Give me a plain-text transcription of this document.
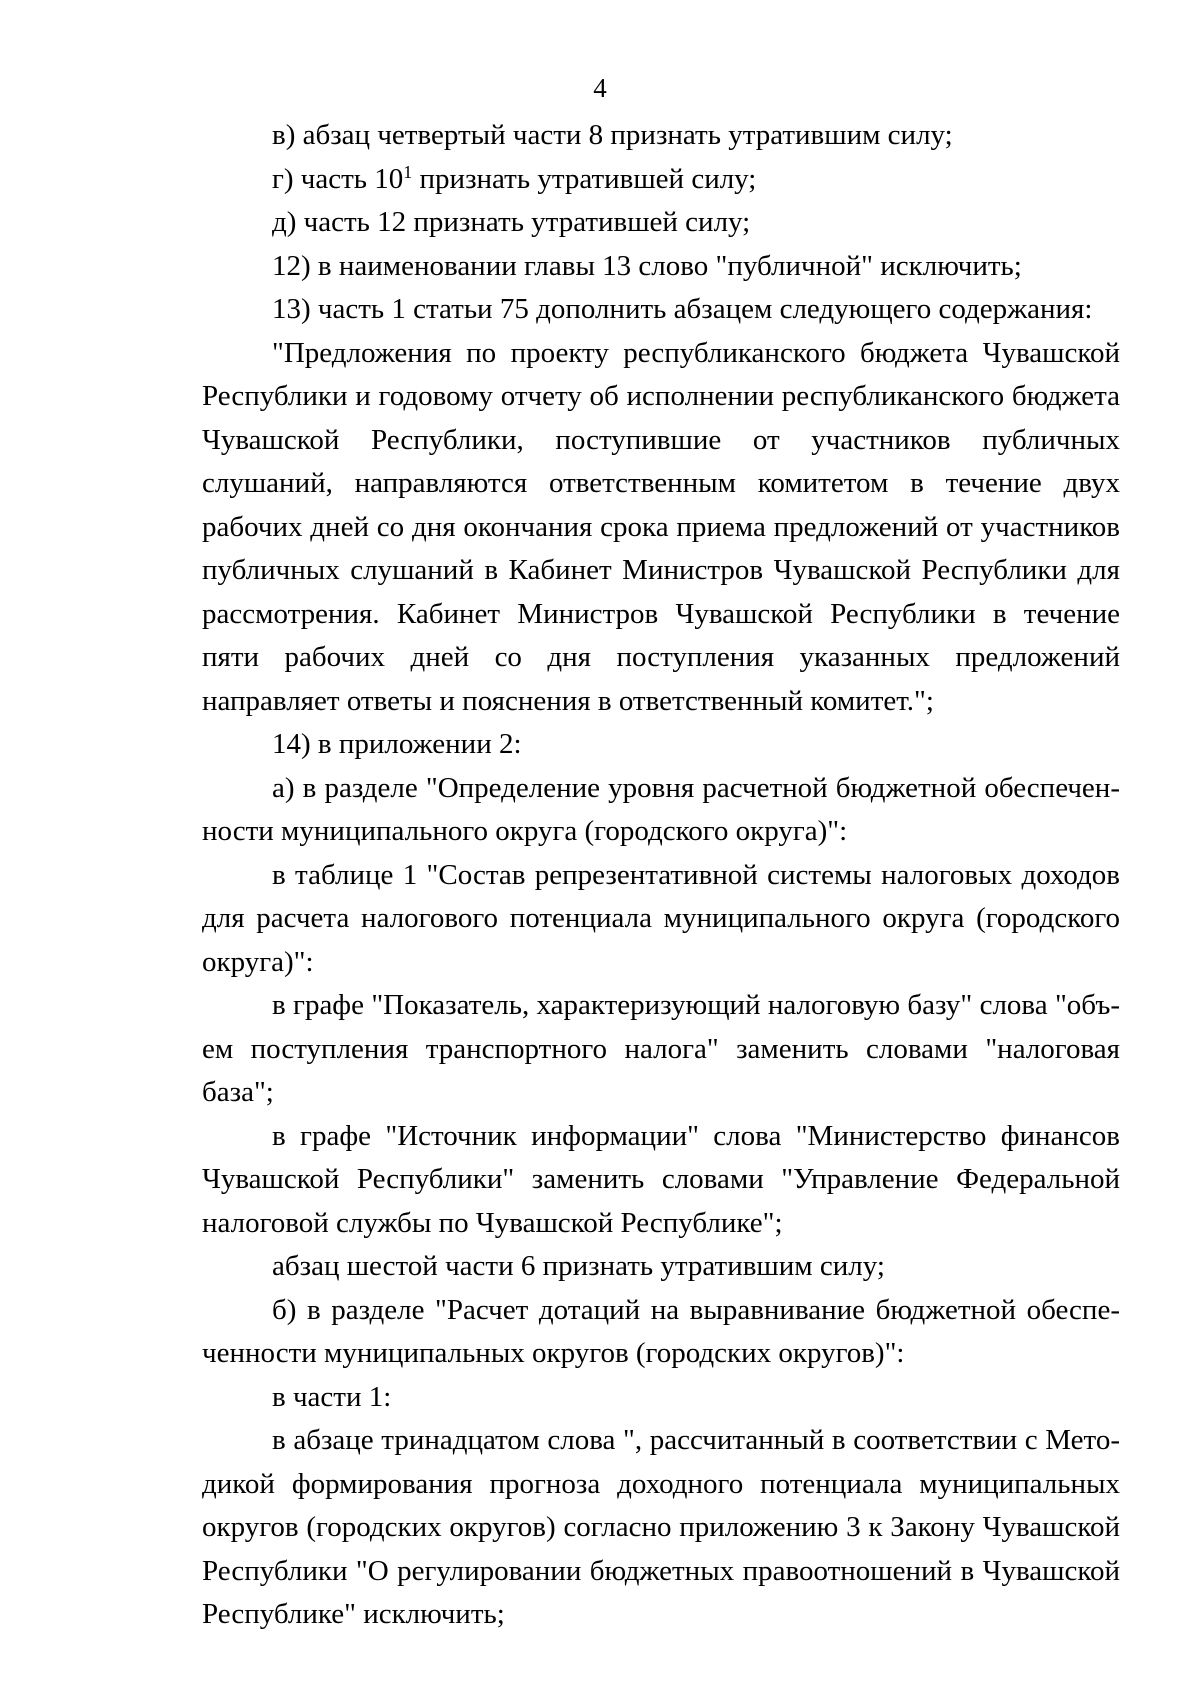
4

в) абзац четвертый части 8 признать утратившим силу;

г) часть $10^1$ признать утратившей силу;

д) часть 12 признать утратившей силу;

12) в наименовании главы 13 слово "публичной" исключить;

13) часть 1 статьи 75 дополнить абзацем следующего содержания:

"Предложения по проекту республиканского бюджета Чувашской Республики и годовому отчету об исполнении республиканского бюджета Чувашской Республики, поступившие от участников публичных слушаний, направляются ответственным комитетом в течение двух рабочих дней со дня окончания срока приема предложений от участников публичных слушаний в Кабинет Министров Чувашской Республики для рассмотрения. Кабинет Министров Чувашской Республики в течение пяти рабочих дней со дня поступления указанных предложений направляет ответы и пояснения в ответственный комитет.";

14) в приложении 2:

а) в разделе "Определение уровня расчетной бюджетной обеспеченности муниципального округа (городского округа)":

в таблице 1 "Состав репрезентативной системы налоговых доходов для расчета налогового потенциала муниципального округа (городского округа)":

в графе "Показатель, характеризующий налоговую базу" слова "объем поступления транспортного налога" заменить словами "налоговая база";

в графе "Источник информации" слова "Министерство финансов Чувашской Республики" заменить словами "Управление Федеральной налоговой службы по Чувашской Республике";

абзац шестой части 6 признать утратившим силу;

б) в разделе "Расчет дотаций на выравнивание бюджетной обеспеченности муниципальных округов (городских округов)":

в части 1:

в абзаце тринадцатом слова ", рассчитанный в соответствии с Методикой формирования прогноза доходного потенциала муниципальных округов (городских округов) согласно приложению 3 к Закону Чувашской Республики "О регулировании бюджетных правоотношений в Чувашской Республике" исключить;
